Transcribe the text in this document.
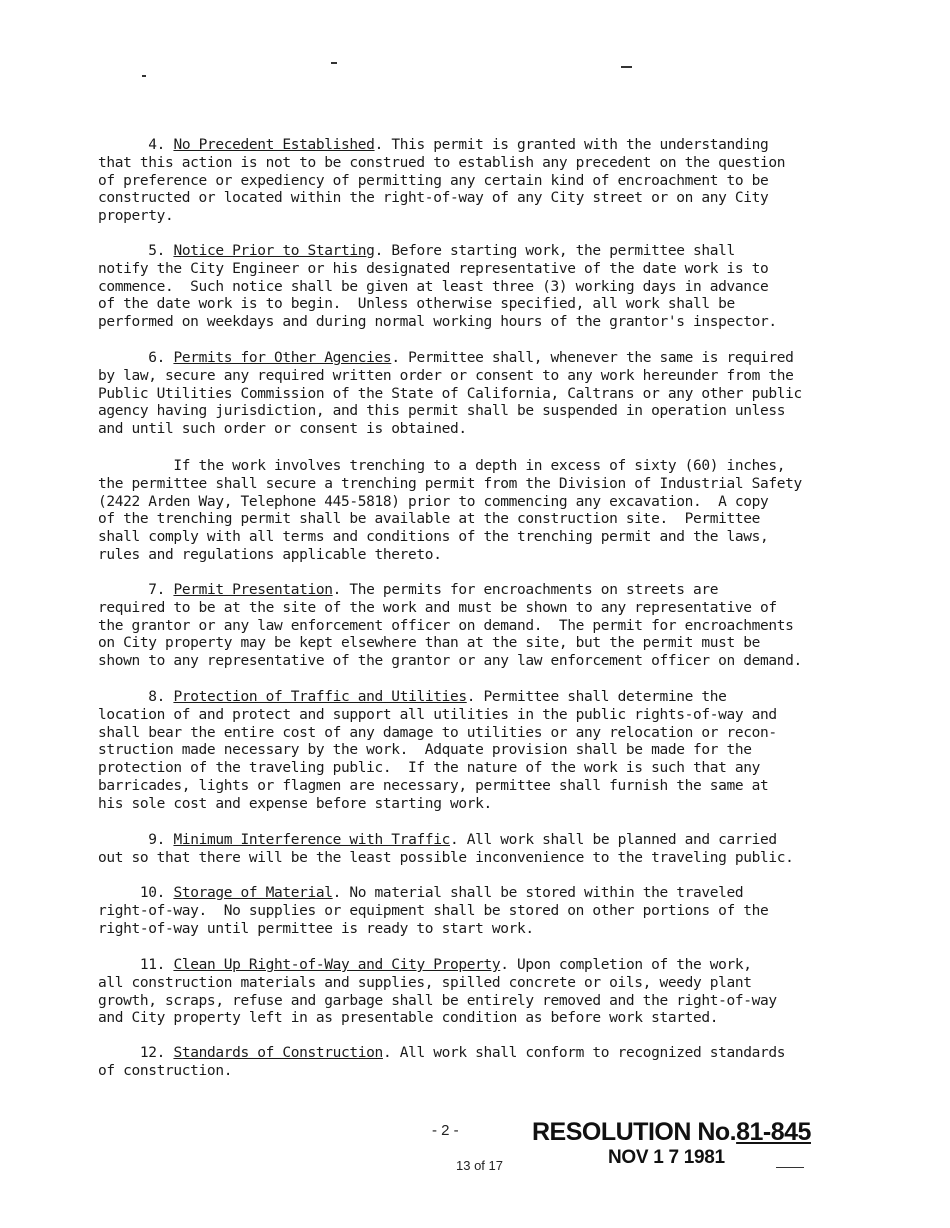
4. No Precedent Established. This permit is granted with the understanding
that this action is not to be construed to establish any precedent on the question
of preference or expediency of permitting any certain kind of encroachment to be
constructed or located within the right-of-way of any City street or on any City
property.

5. Notice Prior to Starting. Before starting work, the permittee shall
notify the City Engineer or his designated representative of the date work is to
commence.  Such notice shall be given at least three (3) working days in advance
of the date work is to begin.  Unless otherwise specified, all work shall be
performed on weekdays and during normal working hours of the grantor's inspector.

6. Permits for Other Agencies. Permittee shall, whenever the same is required
by law, secure any required written order or consent to any work hereunder from the
Public Utilities Commission of the State of California, Caltrans or any other public
agency having jurisdiction, and this permit shall be suspended in operation unless
and until such order or consent is obtained.

If the work involves trenching to a depth in excess of sixty (60) inches,
the permittee shall secure a trenching permit from the Division of Industrial Safety
(2422 Arden Way, Telephone 445-5818) prior to commencing any excavation.  A copy
of the trenching permit shall be available at the construction site.  Permittee
shall comply with all terms and conditions of the trenching permit and the laws,
rules and regulations applicable thereto.

7. Permit Presentation. The permits for encroachments on streets are
required to be at the site of the work and must be shown to any representative of
the grantor or any law enforcement officer on demand.  The permit for encroachments
on City property may be kept elsewhere than at the site, but the permit must be
shown to any representative of the grantor or any law enforcement officer on demand.

8. Protection of Traffic and Utilities. Permittee shall determine the
location of and protect and support all utilities in the public rights-of-way and
shall bear the entire cost of any damage to utilities or any relocation or recon-
struction made necessary by the work.  Adquate provision shall be made for the
protection of the traveling public.  If the nature of the work is such that any
barricades, lights or flagmen are necessary, permittee shall furnish the same at
his sole cost and expense before starting work.

9. Minimum Interference with Traffic. All work shall be planned and carried
out so that there will be the least possible inconvenience to the traveling public.

10. Storage of Material. No material shall be stored within the traveled
right-of-way.  No supplies or equipment shall be stored on other portions of the
right-of-way until permittee is ready to start work.

11. Clean Up Right-of-Way and City Property. Upon completion of the work,
all construction materials and supplies, spilled concrete or oils, weedy plant
growth, scraps, refuse and garbage shall be entirely removed and the right-of-way
and City property left in as presentable condition as before work started.

12. Standards of Construction. All work shall conform to recognized standards
of construction.

- 2 -
13 of 17
RESOLUTION No.81-845
NOV 1 7 1981
